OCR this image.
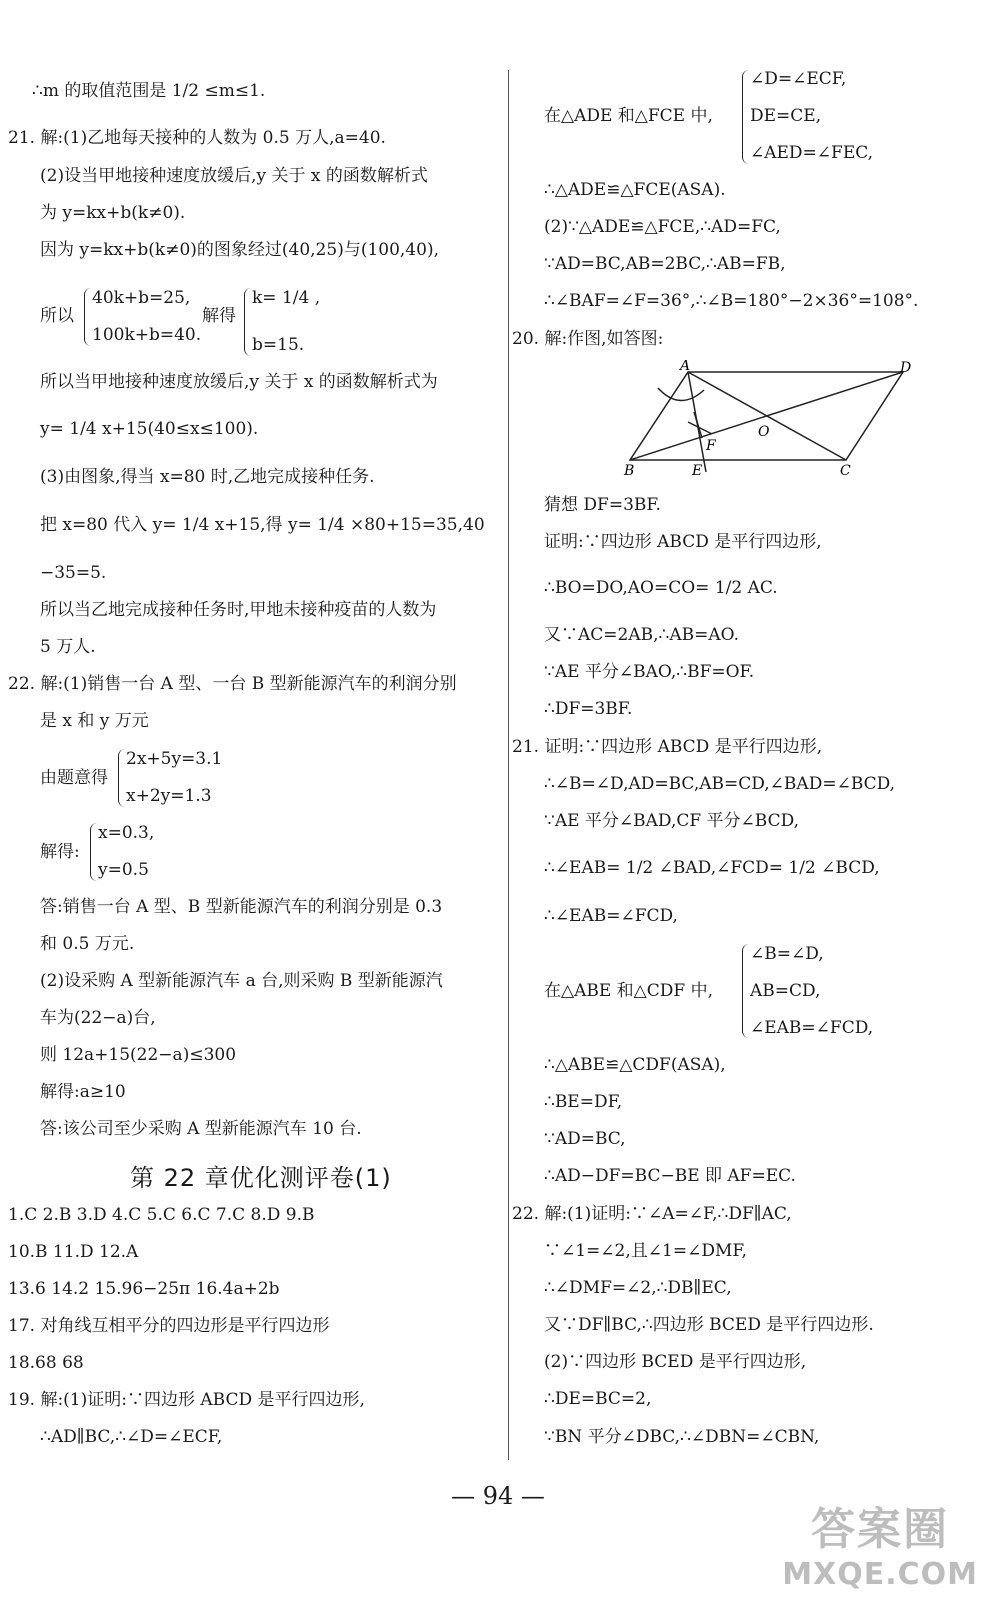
∴m 的取值范围是 1/2 ≤m≤1.
21. 解:(1)乙地每天接种的人数为 0.5 万人,a=40.
(2)设当甲地接种速度放缓后,y 关于 x 的函数解析式
为 y=kx+b(k≠0).
因为 y=kx+b(k≠0)的图象经过(40,25)与(100,40),
所以
40k+b=25,
100k+b=40.
解得
k= 1/4 ,
b=15.
所以当甲地接种速度放缓后,y 关于 x 的函数解析式为
y= 1/4 x+15(40≤x≤100).
(3)由图象,得当 x=80 时,乙地完成接种任务.
把 x=80 代入 y= 1/4 x+15,得 y= 1/4 ×80+15=35,40
−35=5.
所以当乙地完成接种任务时,甲地未接种疫苗的人数为
5 万人.
22. 解:(1)销售一台 A 型、一台 B 型新能源汽车的利润分别
是 x 和 y 万元
由题意得
2x+5y=3.1
x+2y=1.3
解得:
x=0.3,
y=0.5
答:销售一台 A 型、B 型新能源汽车的利润分别是 0.3
和 0.5 万元.
(2)设采购 A 型新能源汽车 a 台,则采购 B 型新能源汽
车为(22−a)台,
则 12a+15(22−a)≤300
解得:a≥10
答:该公司至少采购 A 型新能源汽车 10 台.
1.C 2.B 3.D 4.C 5.C 6.C 7.C 8.D 9.B
10.B 11.D 12.A
13.6 14.2 15.96−25π 16.4a+2b
17. 对角线互相平分的四边形是平行四边形
18.68 68
19. 解:(1)证明:∵四边形 ABCD 是平行四边形,
∴AD∥BC,∴∠D=∠ECF,
∠D=∠ECF,
在△ADE 和△FCE 中, DE=CE,
∠AED=∠FEC,
∴△ADE≌△FCE(ASA).
(2)∵△ADE≌△FCE,∴AD=FC,
∵AD=BC,AB=2BC,∴AB=FB,
∴∠BAF=∠F=36°,∴∠B=180°−2×36°=108°.
20. 解:作图,如答图:
猜想 DF=3BF.
证明:∵四边形 ABCD 是平行四边形,
∴BO=DO,AO=CO= 1/2 AC.
又∵AC=2AB,∴AB=AO.
∵AE 平分∠BAO,∴BF=OF.
∴DF=3BF.
21. 证明:∵四边形 ABCD 是平行四边形,
∴∠B=∠D,AD=BC,AB=CD,∠BAD=∠BCD,
∵AE 平分∠BAD,CF 平分∠BCD,
∴∠EAB= 1/2 ∠BAD,∠FCD= 1/2 ∠BCD,
∴∠EAB=∠FCD,
∠B=∠D,
在△ABE 和△CDF 中, AB=CD,
∠EAB=∠FCD,
∴△ABE≌△CDF(ASA),
∴BE=DF,
∵AD=BC,
∴AD−DF=BC−BE 即 AF=EC.
22. 解:(1)证明:∵∠A=∠F,∴DF∥AC,
∵∠1=∠2,且∠1=∠DMF,
∴∠DMF=∠2,∴DB∥EC,
又∵DF∥BC,∴四边形 BCED 是平行四边形.
(2)∵四边形 BCED 是平行四边形,
∴DE=BC=2,
∵BN 平分∠DBC,∴∠DBN=∠CBN,
第 22 章优化测评卷(1)
A	D
B	C
E
F
O
— 94 —
答案圈
MXQE.COM
